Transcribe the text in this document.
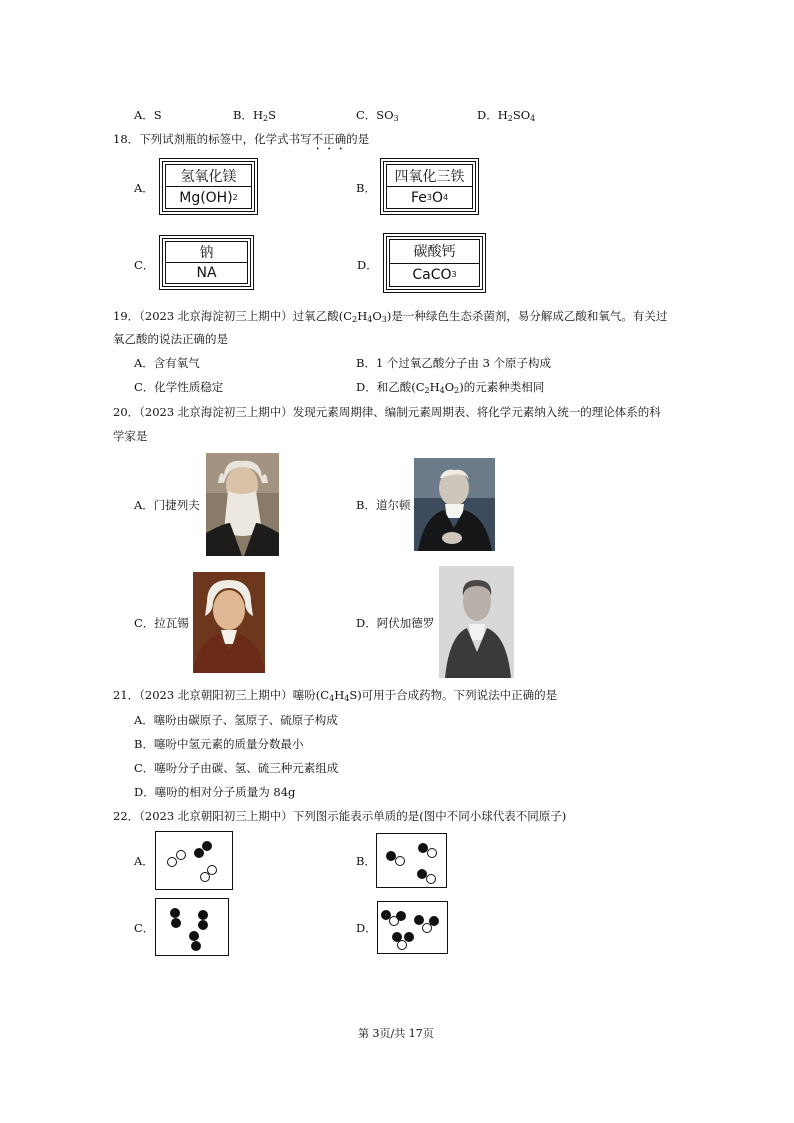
A．S	B．$H_2S$	C．$SO_3$	D．$H_2SO_4$
18．下列试剂瓶的标签中，化学式书写不正确的是
A．
氢氧化镁
Mg(OH) 2
B．
四氧化三铁
Fe 3 O 4
C．
钠
NA	D．
碳酸钙
CaCO 3
19．（2023 北京海淀初三上期中）过氧乙酸$(C_2H_4O_3)$是一种绿色生态杀菌剂，易分解成乙酸和氧气。有关过
氧乙酸的说法正确的是
A．含有氧气	B．1 个过氧乙酸分子由 3 个原子构成
C．化学性质稳定	D．和乙酸$(C_2H_4O_2)$的元素种类相同
20．（2023 北京海淀初三上期中）发现元素周期律、编制元素周期表、将化学元素纳入统一的理论体系的科
学家是
A．门捷列夫	B．道尔顿
C．拉瓦锡	D．阿伏加德罗
21．（2023 北京朝阳初三上期中）噻吩$(C_4H_4S)$可用于合成药物。下列说法中正确的是
A．噻吩由碳原子、氢原子、硫原子构成
B．噻吩中氢元素的质量分数最小
C．噻吩分子由碳、氢、硫三种元素组成
D．噻吩的相对分子质量为 84g
22．（2023 北京朝阳初三上期中）下列图示能表示单质的是(图中不同小球代表不同原子)
A．	B．
C．	D．
第 3页/共 17页
